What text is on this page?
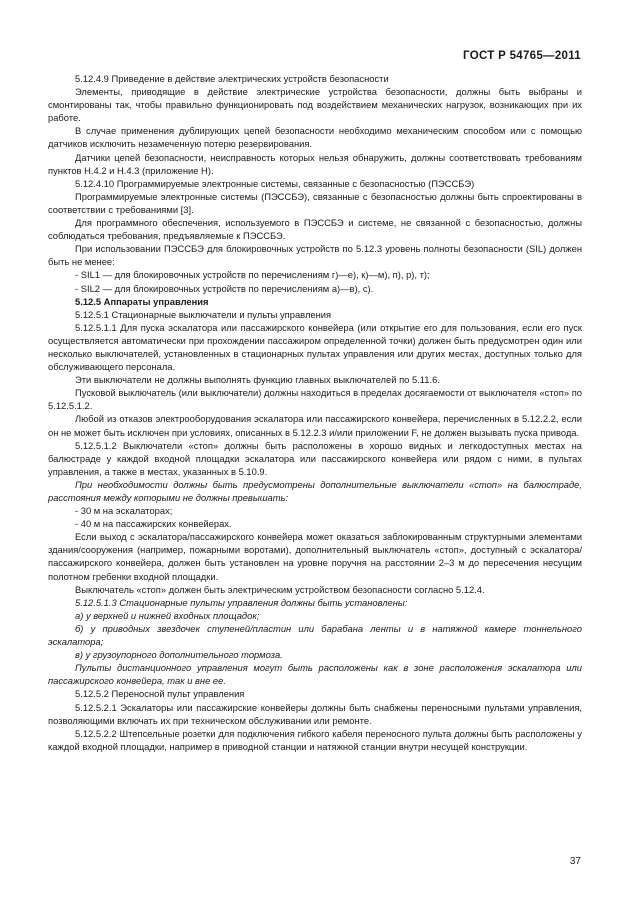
ГОСТ Р 54765—2011

5.12.4.9 Приведение в действие электрических устройств безопасности

Элементы, приводящие в действие электрические устройства безопасности, должны быть выбраны и смонтированы так, чтобы правильно функционировать под воздействием механических нагрузок, возникающих при их работе.

В случае применения дублирующих цепей безопасности необходимо механическим способом или с помощью датчиков исключить незамеченную потерю резервирования.

Датчики цепей безопасности, неисправность которых нельзя обнаружить, должны соответствовать требованиям пунктов H.4.2 и H.4.3 (приложение H).

5.12.4.10 Программируемые электронные системы, связанные с безопасностью (ПЭССБЭ)

Программируемые электронные системы (ПЭССБЭ), связанные с безопасностью должны быть спроектированы в соответствии с требованиями [3].

Для программного обеспечения, используемого в ПЭССБЭ и системе, не связанной с безопасностью, должны соблюдаться требования, предъявляемые к ПЭССБЭ.

При использовании ПЭССБЭ для блокировочных устройств по 5.12.3 уровень полноты безопасности (SIL) должен быть не менее:

- SIL1 — для блокировочных устройств по перечислениям г)—е), к)—м), п), р), т);

- SIL2 — для блокировочных устройств по перечислениям а)—в), с).

5.12.5 Аппараты управления

5.12.5.1 Стационарные выключатели и пульты управления

5.12.5.1.1 Для пуска эскалатора или пассажирского конвейера (или открытие его для пользования, если его пуск осуществляется автоматически при прохождении пассажиром определенной точки) должен быть предусмотрен один или несколько выключателей, установленных в стационарных пультах управления или других местах, доступных только для обслуживающего персонала.

Эти выключатели не должны выполнять функцию главных выключателей по 5.11.6.

Пусковой выключатель (или выключатели) должны находиться в пределах досягаемости от выключателя «стоп» по 5.12.5.1.2.

Любой из отказов электрооборудования эскалатора или пассажирского конвейера, перечисленных в 5.12.2.2, если он не может быть исключен при условиях, описанных в 5.12.2.3 и/или приложении F, не должен вызывать пуска привода.

5.12.5.1.2 Выключатели «стоп» должны быть расположены в хорошо видных и легкодоступных местах на балюстраде у каждой входной площадки эскалатора или пассажирского конвейера или рядом с ними, в пультах управления, а также в местах, указанных в 5.10.9.

При необходимости должны быть предусмотрены дополнительные выключатели «стоп» на балюстраде, расстояния между которыми не должны превышать:

- 30 м на эскалаторах;

- 40 м на пассажирских конвейерах.

Если выход с эскалатора/пассажирского конвейера может оказаться заблокированным структурными элементами здания/сооружения (например, пожарными воротами), дополнительный выключатель «стоп», доступный с эскалатора/пассажирского конвейера, должен быть установлен на уровне поручня на расстоянии 2–3 м до пересечения несущим полотном гребенки входной площадки.

Выключатель «стоп» должен быть электрическим устройством безопасности согласно 5.12.4.

5.12.5.1.3 Стационарные пульты управления должны быть установлены:

а) у верхней и нижней входных площадок;

б) у приводных звездочек ступеней/пластин или барабана ленты и в натяжной камере тоннельного эскалатора;

в) у грузоупорного дополнительного тормоза.

Пульты дистанционного управления могут быть расположены как в зоне расположения эскалатора или пассажирского конвейера, так и вне ее.

5.12.5.2 Переносной пульт управления

5.12.5.2.1 Эскалаторы или пассажирские конвейеры должны быть снабжены переносными пультами управления, позволяющими включать их при техническом обслуживании или ремонте.

5.12.5.2.2 Штепсельные розетки для подключения гибкого кабеля переносного пульта должны быть расположены у каждой входной площадки, например в приводной станции и натяжной станции внутри несущей конструкции.

37
